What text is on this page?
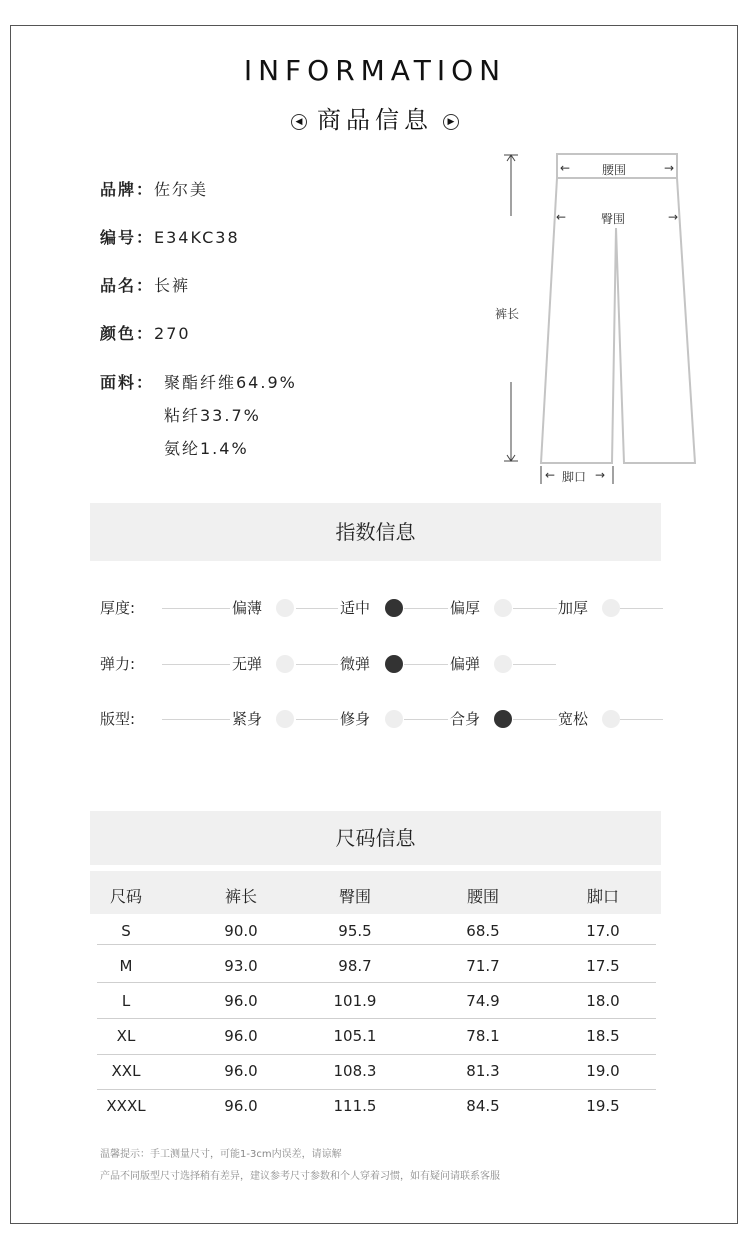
INFORMATION
◀ 商品信息 ▶
品牌：佐尔美
编号：E34KC38
品名：长裤
颜色：270
面料： 聚酯纤维64.9%
粘纤33.7%
氨纶1.4%
←	腰围	→
←	臀围	→
裤长
← 脚口 →
指数信息
厚度:	偏薄	适中	偏厚	加厚
弹力:	无弹	微弹	偏弹
版型:	紧身	修身	合身	宽松
尺码信息
尺码	裤长	臀围	腰围	脚口
S	90.0	95.5	68.5	17.0
M	93.0	98.7	71.7	17.5
L	96.0	101.9	74.9	18.0
XL	96.0	105.1	78.1	18.5
XXL	96.0	108.3	81.3	19.0
XXXL	96.0	111.5	84.5	19.5
温馨提示：手工测量尺寸，可能1-3cm内误差，请谅解
产品不同版型尺寸选择稍有差异，建议参考尺寸参数和个人穿着习惯，如有疑问请联系客服
